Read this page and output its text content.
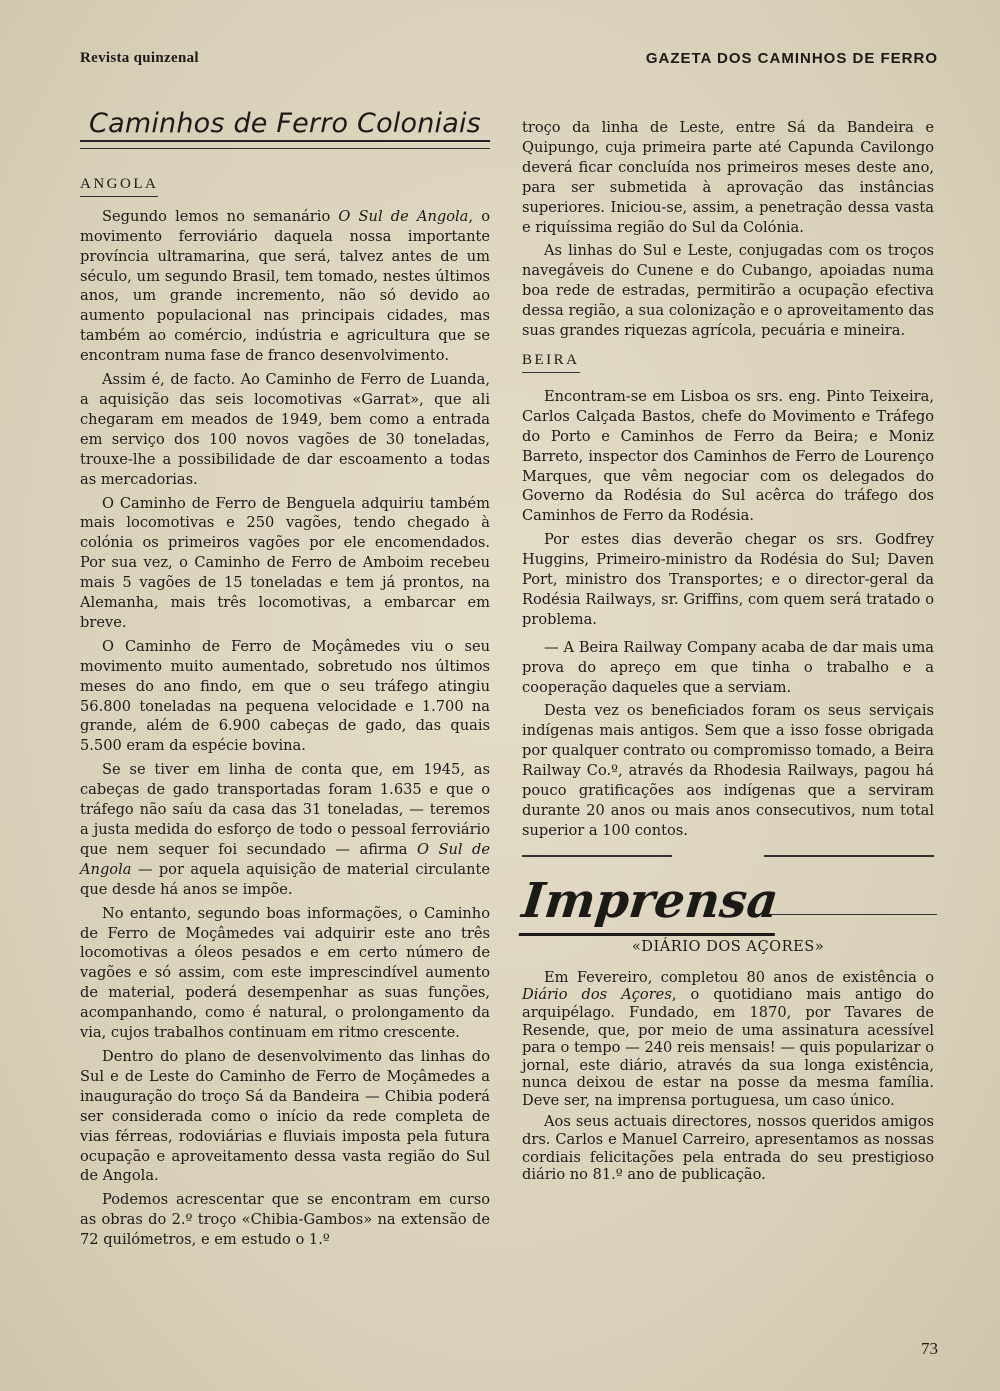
Revista quinzenal	GAZETA DOS CAMINHOS DE FERRO
Caminhos de Ferro Coloniais
ANGOLA

Segundo lemos no semanário O Sul de Angola, o movimento ferroviário daquela nossa importante província ultramarina, que será, talvez antes de um século, um segundo Brasil, tem tomado, nestes últimos anos, um grande incremento, não só devido ao aumento populacional nas principais cidades, mas também ao comércio, indústria e agricultura que se encontram numa fase de franco desenvolvimento.

Assim é, de facto. Ao Caminho de Ferro de Luanda, a aquisição das seis locomotivas «Garrat», que ali chegaram em meados de 1949, bem como a entrada em serviço dos 100 novos vagões de 30 toneladas, trouxe-lhe a possibilidade de dar escoamento a todas as mercadorias.

O Caminho de Ferro de Benguela adquiriu também mais locomotivas e 250 vagões, tendo chegado à colónia os primeiros vagões por ele encomendados. Por sua vez, o Caminho de Ferro de Amboim recebeu mais 5 vagões de 15 toneladas e tem já prontos, na Alemanha, mais três locomotivas, a embarcar em breve.

O Caminho de Ferro de Moçâmedes viu o seu movimento muito aumentado, sobretudo nos últimos meses do ano findo, em que o seu tráfego atingiu 56.800 toneladas na pequena velocidade e 1.700 na grande, além de 6.900 cabeças de gado, das quais 5.500 eram da espécie bovina.

Se se tiver em linha de conta que, em 1945, as cabeças de gado transportadas foram 1.635 e que o tráfego não saíu da casa das 31 toneladas, — teremos a justa medida do esforço de todo o pessoal ferroviário que nem sequer foi secundado — afirma O Sul de Angola — por aquela aquisição de material circulante que desde há anos se impõe.

No entanto, segundo boas informações, o Caminho de Ferro de Moçâmedes vai adquirir este ano três locomotivas a óleos pesados e em certo número de vagões e só assim, com este imprescindível aumento de material, poderá desempenhar as suas funções, acompanhando, como é natural, o prolongamento da via, cujos trabalhos continuam em ritmo crescente.

Dentro do plano de desenvolvimento das linhas do Sul e de Leste do Caminho de Ferro de Moçâmedes a inauguração do troço Sá da Bandeira — Chibia poderá ser considerada como o início da rede completa de vias férreas, rodoviárias e fluviais imposta pela futura ocupação e aproveitamento dessa vasta região do Sul de Angola.

Podemos acrescentar que se encontram em curso as obras do 2.º troço «Chibia-Gambos» na extensão de 72 quilómetros, e em estudo o 1.º

troço da linha de Leste, entre Sá da Bandeira e Quipungo, cuja primeira parte até Capunda Cavilongo deverá ficar concluída nos primeiros meses deste ano, para ser submetida à aprovação das instâncias superiores. Iniciou-se, assim, a penetração dessa vasta e riquíssima região do Sul da Colónia.

As linhas do Sul e Leste, conjugadas com os troços navegáveis do Cunene e do Cubango, apoiadas numa boa rede de estradas, permitirão a ocupação efectiva dessa região, a sua colonização e o aproveitamento das suas grandes riquezas agrícola, pecuária e mineira.

BEIRA

Encontram-se em Lisboa os srs. eng. Pinto Teixeira, Carlos Calçada Bastos, chefe do Movimento e Tráfego do Porto e Caminhos de Ferro da Beira; e Moniz Barreto, inspector dos Caminhos de Ferro de Lourenço Marques, que vêm negociar com os delegados do Governo da Rodésia do Sul acêrca do tráfego dos Caminhos de Ferro da Rodésia.

Por estes dias deverão chegar os srs. Godfrey Huggins, Primeiro-ministro da Rodésia do Sul; Daven Port, ministro dos Transportes; e o director-geral da Rodésia Railways, sr. Griffins, com quem será tratado o problema.

— A Beira Railway Company acaba de dar mais uma prova do apreço em que tinha o trabalho e a cooperação daqueles que a serviam.

Desta vez os beneficiados foram os seus serviçais indígenas mais antigos. Sem que a isso fosse obrigada por qualquer contrato ou compromisso tomado, a Beira Railway Co.º, através da Rhodesia Railways, pagou há pouco gratificações aos indígenas que a serviram durante 20 anos ou mais anos consecutivos, num total superior a 100 contos.

Imprensa
«DIÁRIO DOS AÇORES»

Em Fevereiro, completou 80 anos de existência o Diário dos Açores, o quotidiano mais antigo do arquipélago. Fundado, em 1870, por Tavares de Resende, que, por meio de uma assinatura acessível para o tempo — 240 reis mensais! — quis popularizar o jornal, este diário, através da sua longa existência, nunca deixou de estar na posse da mesma família. Deve ser, na imprensa portuguesa, um caso único.

Aos seus actuais directores, nossos queridos amigos drs. Carlos e Manuel Carreiro, apresentamos as nossas cordiais felicitações pela entrada do seu prestigioso diário no 81.º ano de publicação.

73
